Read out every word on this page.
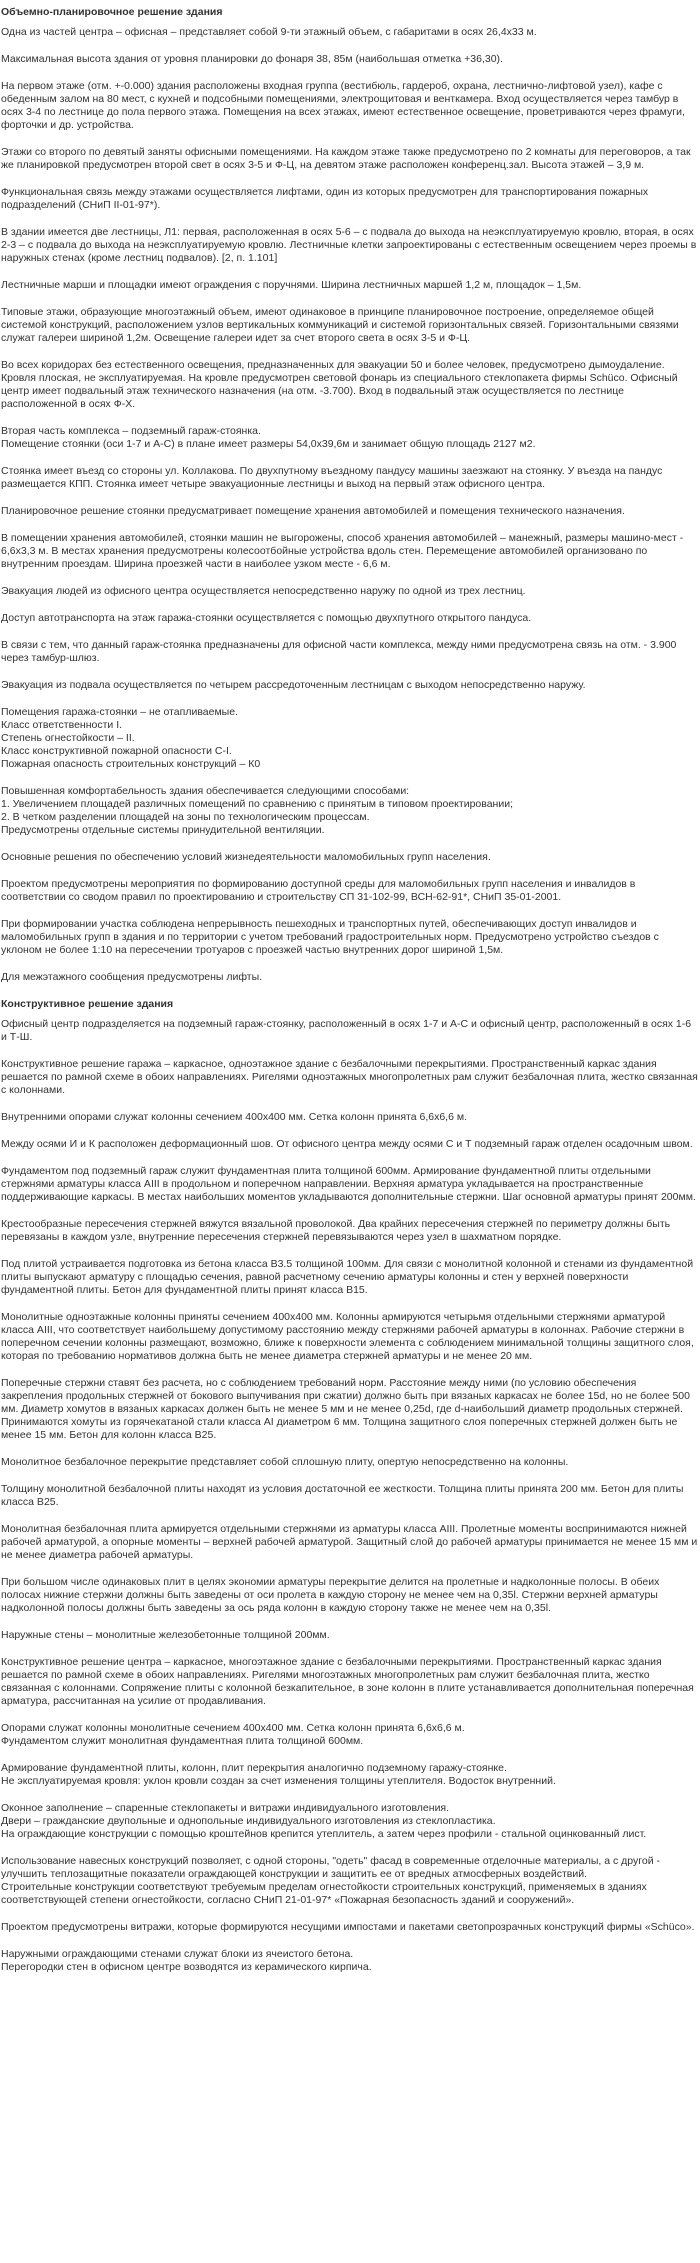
Объемно-планировочное решение здания

Одна из частей центра – офисная – представляет собой 9-ти этажный объем, с габаритами в осях 26,4х33 м.

Максимальная высота здания от уровня планировки до фонаря 38, 85м (наибольшая отметка +36,30).

На первом этаже (отм. +-0.000) здания расположены входная группа (вестибюль, гардероб, охрана, лестнично-лифтовой узел), кафе с обеденным залом на 80 мест, с кухней и подсобными помещениями, электрощитовая и венткамера. Вход осуществляется через тамбур в осях 3-4 по лестнице до пола первого этажа. Помещения на всех этажах, имеют естественное освещение, проветриваются через фрамуги, форточки и др. устройства.

Этажи со второго по девятый заняты офисными помещениями. На каждом этаже также предусмотрено по 2 комнаты для переговоров, а так же планировкой предусмотрен второй свет в осях 3-5 и Ф-Ц, на девятом этаже расположен конференц.зал. Высота этажей – 3,9 м.

Функциональная связь между этажами осуществляется лифтами, один из которых предусмотрен для транспортирования пожарных подразделений (СНиП II-01-97*).

В здании имеется две лестницы, Л1: первая, расположенная в осях 5-6 – с подвала до выхода на неэксплуатируемую кровлю, вторая, в осях 2-3 – с подвала до выхода на неэксплуатируемую кровлю. Лестничные клетки запроектированы с естественным освещением через проемы в наружных стенах (кроме лестниц подвалов). [2, п. 1.101]

Лестничные марши и площадки имеют ограждения с поручнями. Ширина лестничных маршей 1,2 м, площадок – 1,5м.

Типовые этажи, образующие многоэтажный объем, имеют одинаковое в принципе планировочное построение, определяемое общей системой конструкций, расположением узлов вертикальных коммуникаций и системой горизонтальных связей. Горизонтальными связями служат галереи шириной 1,2м. Освещение галереи идет за счет второго света в осях 3-5 и Ф-Ц.

Во всех коридорах без естественного освещения, предназначенных для эвакуации 50 и более человек, предусмотрено дымоудаление. Кровля плоская, не эксплуатируемая. На кровле предусмотрен световой фонарь из специального стеклопакета фирмы Schüco. Офисный центр имеет подвальный этаж технического назначения (на отм. -3.700). Вход в подвальный этаж осуществляется по лестнице расположенной в осях Ф-Х.

Вторая часть комплекса – подземный гараж-стоянка.
Помещение стоянки (оси 1-7 и А-С) в плане имеет размеры 54,0х39,6м и занимает общую площадь 2127 м2.

Стоянка имеет въезд со стороны ул. Коллакова. По двухпутному въездному пандусу машины заезжают на стоянку. У въезда на пандус размещается КПП. Стоянка имеет четыре эвакуационные лестницы и выход на первый этаж офисного центра.

Планировочное решение стоянки предусматривает помещение хранения автомобилей и помещения технического назначения.

В помещении хранения автомобилей, стоянки машин не выгорожены, способ хранения автомобилей – манежный, размеры машино-мест - 6,6х3,3 м. В местах хранения предусмотрены колесоотбойные устройства вдоль стен. Перемещение автомобилей организовано по внутренним проездам. Ширина проезжей части в наиболее узком месте - 6,6 м.

Эвакуация людей из офисного центра осуществляется непосредственно наружу по одной из трех лестниц.

Доступ автотранспорта на этаж гаража-стоянки осуществляется с помощью двухпутного открытого пандуса.

В связи с тем, что данный гараж-стоянка предназначены для офисной части комплекса, между ними предусмотрена связь на отм. - 3.900 через тамбур-шлюз.

Эвакуация из подвала осуществляется по четырем рассредоточенным лестницам с выходом непосредственно наружу.

Помещения гаража-стоянки – не отапливаемые.
Класс ответственности I.
Степень огнестойкости – II.
Класс конструктивной пожарной опасности С-I.
Пожарная опасность строительных конструкций – К0

Повышенная комфортабельность здания обеспечивается следующими способами:
1. Увеличением площадей различных помещений по сравнению с принятым в типовом проектировании;
2. В четком разделении площадей на зоны по технологическим процессам.
Предусмотрены отдельные системы принудительной вентиляции.

Основные решения по обеспечению условий жизнедеятельности маломобильных групп населения.

Проектом предусмотрены мероприятия по формированию доступной среды для маломобильных групп населения и инвалидов в соответствии со сводом правил по проектированию и строительству СП 31-102-99, ВСН-62-91*, СНиП 35-01-2001.

При формировании участка соблюдена непрерывность пешеходных и транспортных путей, обеспечивающих доступ инвалидов и маломобильных групп в здания и по территории с учетом требований градостроительных норм. Предусмотрено устройство съездов с уклоном не более 1:10 на пересечении тротуаров с проезжей частью внутренних дорог шириной 1,5м.

Для межэтажного сообщения предусмотрены лифты.

Конструктивное решение здания

Офисный центр подразделяется на подземный гараж-стоянку, расположенный в осях 1-7 и А-С и офисный центр, расположенный в осях 1-6 и Т-Ш.

Конструктивное решение гаража – каркасное, одноэтажное здание с безбалочными перекрытиями. Пространственный каркас здания решается по рамной схеме в обоих направлениях. Ригелями одноэтажных многопролетных рам служит безбалочная плита, жестко связанная с колоннами.

Внутренними опорами служат колонны сечением 400х400 мм. Сетка колонн принята 6,6х6,6 м.

Между осями И и К расположен деформационный шов. От офисного центра между осями С и Т подземный гараж отделен осадочным швом.

Фундаментом под подземный гараж служит фундаментная плита толщиной 600мм. Армирование фундаментной плиты отдельными стержнями арматуры класса АIII в продольном и поперечном направлении. Верхняя арматура укладывается на пространственные поддерживающие каркасы. В местах наибольших моментов укладываются дополнительные стержни. Шаг основной арматуры принят 200мм.

Крестообразные пересечения стержней вяжутся вязальной проволокой. Два крайних пересечения стержней по периметру должны быть перевязаны в каждом узле, внутренние пересечения стержней перевязываются через узел в шахматном порядке.

Под плитой устраивается подготовка из бетона класса В3.5 толщиной 100мм. Для связи с монолитной колонной и стенами из фундаментной плиты выпускают арматуру с площадью сечения, равной расчетному сечению арматуры колонны и стен у верхней поверхности фундаментной плиты. Бетон для фундаментной плиты принят класса В15.

Монолитные одноэтажные колонны приняты сечением 400х400 мм. Колонны армируются четырьмя отдельными стержнями арматурой класса АIII, что соответствует наибольшему допустимому расстоянию между стержнями рабочей арматуры в колоннах. Рабочие стержни в поперечном сечении колонны размещают, возможно, ближе к поверхности элемента с соблюдением минимальной толщины защитного слоя, которая по требованию нормативов должна быть не менее диаметра стержней арматуры и не менее 20 мм.

Поперечные стержни ставят без расчета, но с соблюдением требований норм. Расстояние между ними (по условию обеспечения закрепления продольных стержней от бокового выпучивания при сжатии) должно быть при вязаных каркасах не более 15d, но не более 500 мм. Диаметр хомутов в вязаных каркасах должен быть не менее 5 мм и не менее 0,25d, где d-наибольший диаметр продольных стержней. Принимаются хомуты из горячекатаной стали класса АI диаметром 6 мм. Толщина защитного слоя поперечных стержней должен быть не менее 15 мм. Бетон для колонн класса В25.

Монолитное безбалочное перекрытие представляет собой сплошную плиту, опертую непосредственно на колонны.

Толщину монолитной безбалочной плиты находят из условия достаточной ее жесткости. Толщина плиты принята 200 мм. Бетон для плиты класса В25.

Монолитная безбалочная плита армируется отдельными стержнями из арматуры класса АIII. Пролетные моменты воспринимаются нижней рабочей арматурой, а опорные моменты – верхней рабочей арматурой. Защитный слой до рабочей арматуры принимается не менее 15 мм и не менее диаметра рабочей арматуры.

При большом числе одинаковых плит в целях экономии арматуры перекрытие делится на пролетные и надколонные полосы. В обеих полосах нижние стержни должны быть заведены от оси пролета в каждую сторону не менее чем на 0,35l. Стержни верхней арматуры надколонной полосы должны быть заведены за ось ряда колонн в каждую сторону также не менее чем на 0,35l.

Наружные стены – монолитные железобетонные толщиной 200мм.

Конструктивное решение центра – каркасное, многоэтажное здание с безбалочными перекрытиями. Пространственный каркас здания решается по рамной схеме в обоих направлениях. Ригелями многоэтажных многопролетных рам служит безбалочная плита, жестко связанная с колоннами. Сопряжение плиты с колонной безкапительное, в зоне колонн в плите устанавливается дополнительная поперечная арматура, рассчитанная на усилие от продавливания.

Опорами служат колонны монолитные сечением 400х400 мм. Сетка колонн принята 6,6х6,6 м.
Фундаментом служит монолитная фундаментная плита толщиной 600мм.

Армирование фундаментной плиты, колонн, плит перекрытия аналогично подземному гаражу-стоянке.
Не эксплуатируемая кровля: уклон кровли создан за счет изменения толщины утеплителя. Водосток внутренний.

Оконное заполнение – спаренные стеклопакеты и витражи индивидуального изготовления.
Двери – гражданские двупольные и однопольные индивидуального изготовления из стеклопластика.
На ограждающие конструкции с помощью кроштейнов крепится утеплитель, а затем через профили - стальной оцинкованный лист.

Использование навесных конструкций позволяет, с одной стороны, "одеть" фасад в современные отделочные материалы, а с другой - улучшить теплозащитные показатели ограждающей конструкции и защитить ее от вредных атмосферных воздействий.
Строительные конструкции соответствуют требуемым пределам огнестойкости строительных конструкций, применяемых в зданиях соответствующей степени огнестойкости, согласно СНиП 21-01-97* «Пожарная безопасность зданий и сооружений».

Проектом предусмотрены витражи, которые формируются несущими импостами и пакетами светопрозрачных конструкций фирмы «Schüco».

Наружными ограждающими стенами служат блоки из ячеистого бетона.
Перегородки стен в офисном центре возводятся из керамического кирпича.
